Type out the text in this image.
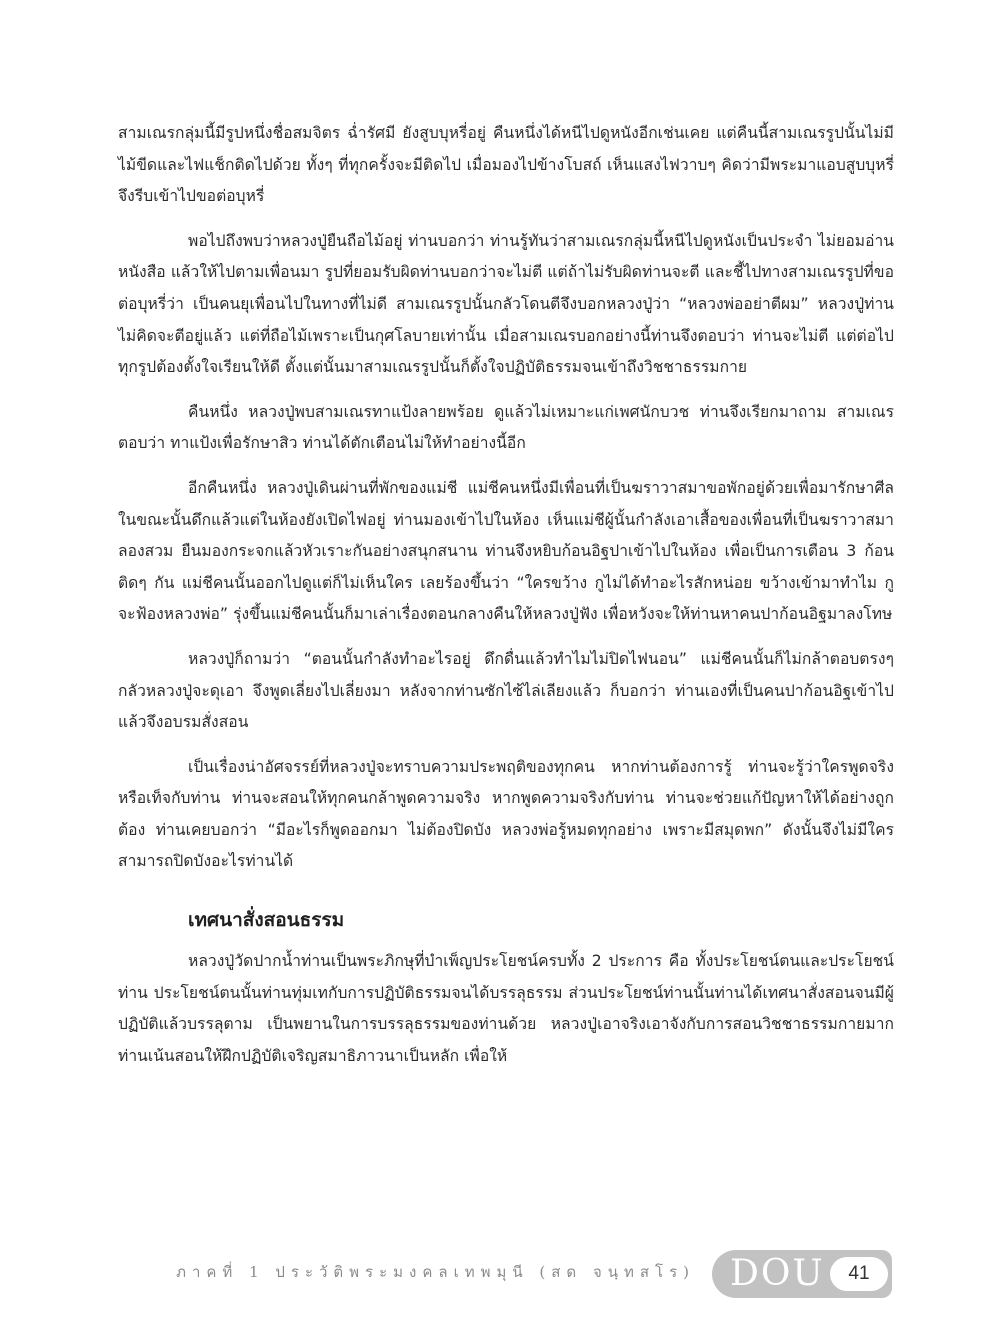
สามเณรกลุ่มนี้มีรูปหนึ่งชื่อสมจิตร ฉ่ำรัศมี ยังสูบบุหรี่อยู่ คืนหนึ่งได้หนีไปดูหนังอีกเช่นเคย แต่คืนนี้สามเณรรูปนั้นไม่มีไม้ขีดและไฟแช็กติดไปด้วย ทั้งๆ ที่ทุกครั้งจะมีติดไป เมื่อมองไปข้างโบสถ์ เห็นแสงไฟวาบๆ คิดว่ามีพระมาแอบสูบบุหรี่ จึงรีบเข้าไปขอต่อบุหรี่

พอไปถึงพบว่าหลวงปู่ยืนถือไม้อยู่ ท่านบอกว่า ท่านรู้ทันว่าสามเณรกลุ่มนี้หนีไปดูหนังเป็นประจำ ไม่ยอมอ่านหนังสือ แล้วให้ไปตามเพื่อนมา รูปที่ยอมรับผิดท่านบอกว่าจะไม่ตี แต่ถ้าไม่รับผิดท่านจะตี และชี้ไปทางสามเณรรูปที่ขอต่อบุหรี่ว่า เป็นคนยุเพื่อนไปในทางที่ไม่ดี สามเณรรูปนั้นกลัวโดนตีจึงบอกหลวงปู่ว่า “หลวงพ่ออย่าตีผม” หลวงปู่ท่านไม่คิดจะตีอยู่แล้ว แต่ที่ถือไม้เพราะเป็นกุศโลบายเท่านั้น เมื่อสามเณรบอกอย่างนี้ท่านจึงตอบว่า ท่านจะไม่ตี แต่ต่อไปทุกรูปต้องตั้งใจเรียนให้ดี ตั้งแต่นั้นมาสามเณรรูปนั้นก็ตั้งใจปฏิบัติธรรมจนเข้าถึงวิชชาธรรมกาย

คืนหนึ่ง หลวงปู่พบสามเณรทาแป้งลายพร้อย ดูแล้วไม่เหมาะแก่เพศนักบวช ท่านจึงเรียกมาถาม สามเณรตอบว่า ทาแป้งเพื่อรักษาสิว ท่านได้ตักเตือนไม่ให้ทำอย่างนี้อีก

อีกคืนหนึ่ง หลวงปู่เดินผ่านที่พักของแม่ชี แม่ชีคนหนึ่งมีเพื่อนที่เป็นฆราวาสมาขอพักอยู่ด้วยเพื่อมารักษาศีล ในขณะนั้นดึกแล้วแต่ในห้องยังเปิดไฟอยู่ ท่านมองเข้าไปในห้อง เห็นแม่ชีผู้นั้นกำลังเอาเสื้อของเพื่อนที่เป็นฆราวาสมาลองสวม ยืนมองกระจกแล้วหัวเราะกันอย่างสนุกสนาน ท่านจึงหยิบก้อนอิฐปาเข้าไปในห้อง เพื่อเป็นการเตือน 3 ก้อนติดๆ กัน แม่ชีคนนั้นออกไปดูแต่ก็ไม่เห็นใคร เลยร้องขึ้นว่า “ใครขว้าง กูไม่ได้ทำอะไรสักหน่อย ขว้างเข้ามาทำไม กูจะฟ้องหลวงพ่อ” รุ่งขึ้นแม่ชีคนนั้นก็มาเล่าเรื่องตอนกลางคืนให้หลวงปู่ฟัง เพื่อหวังจะให้ท่านหาคนปาก้อนอิฐมาลงโทษ

หลวงปู่ก็ถามว่า “ตอนนั้นกำลังทำอะไรอยู่ ดึกดื่นแล้วทำไมไม่ปิดไฟนอน” แม่ชีคนนั้นก็ไม่กล้าตอบตรงๆ กลัวหลวงปู่จะดุเอา จึงพูดเลี่ยงไปเลี่ยงมา หลังจากท่านซักไซ้ไล่เลียงแล้ว ก็บอกว่า ท่านเองที่เป็นคนปาก้อนอิฐเข้าไป แล้วจึงอบรมสั่งสอน

เป็นเรื่องน่าอัศจรรย์ที่หลวงปู่จะทราบความประพฤติของทุกคน หากท่านต้องการรู้ ท่านจะรู้ว่าใครพูดจริงหรือเท็จกับท่าน ท่านจะสอนให้ทุกคนกล้าพูดความจริง หากพูดความจริงกับท่าน ท่านจะช่วยแก้ปัญหาให้ได้อย่างถูกต้อง ท่านเคยบอกว่า “มีอะไรก็พูดออกมา ไม่ต้องปิดบัง หลวงพ่อรู้หมดทุกอย่าง เพราะมีสมุดพก” ดังนั้นจึงไม่มีใครสามารถปิดบังอะไรท่านได้

เทศนาสั่งสอนธรรม

หลวงปู่วัดปากน้ำท่านเป็นพระภิกษุที่บำเพ็ญประโยชน์ครบทั้ง 2 ประการ คือ ทั้งประโยชน์ตนและประโยชน์ท่าน ประโยชน์ตนนั้นท่านทุ่มเทกับการปฏิบัติธรรมจนได้บรรลุธรรม ส่วนประโยชน์ท่านนั้นท่านได้เทศนาสั่งสอนจนมีผู้ปฏิบัติแล้วบรรลุตาม เป็นพยานในการบรรลุธรรมของท่านด้วย หลวงปู่เอาจริงเอาจังกับการสอนวิชชาธรรมกายมาก ท่านเน้นสอนให้ฝึกปฏิบัติเจริญสมาธิภาวนาเป็นหลัก เพื่อให้

ภาคที่ 1 ประวัติพระมงคลเทพมุนี (สด จนฺทสโร) DOU	41
